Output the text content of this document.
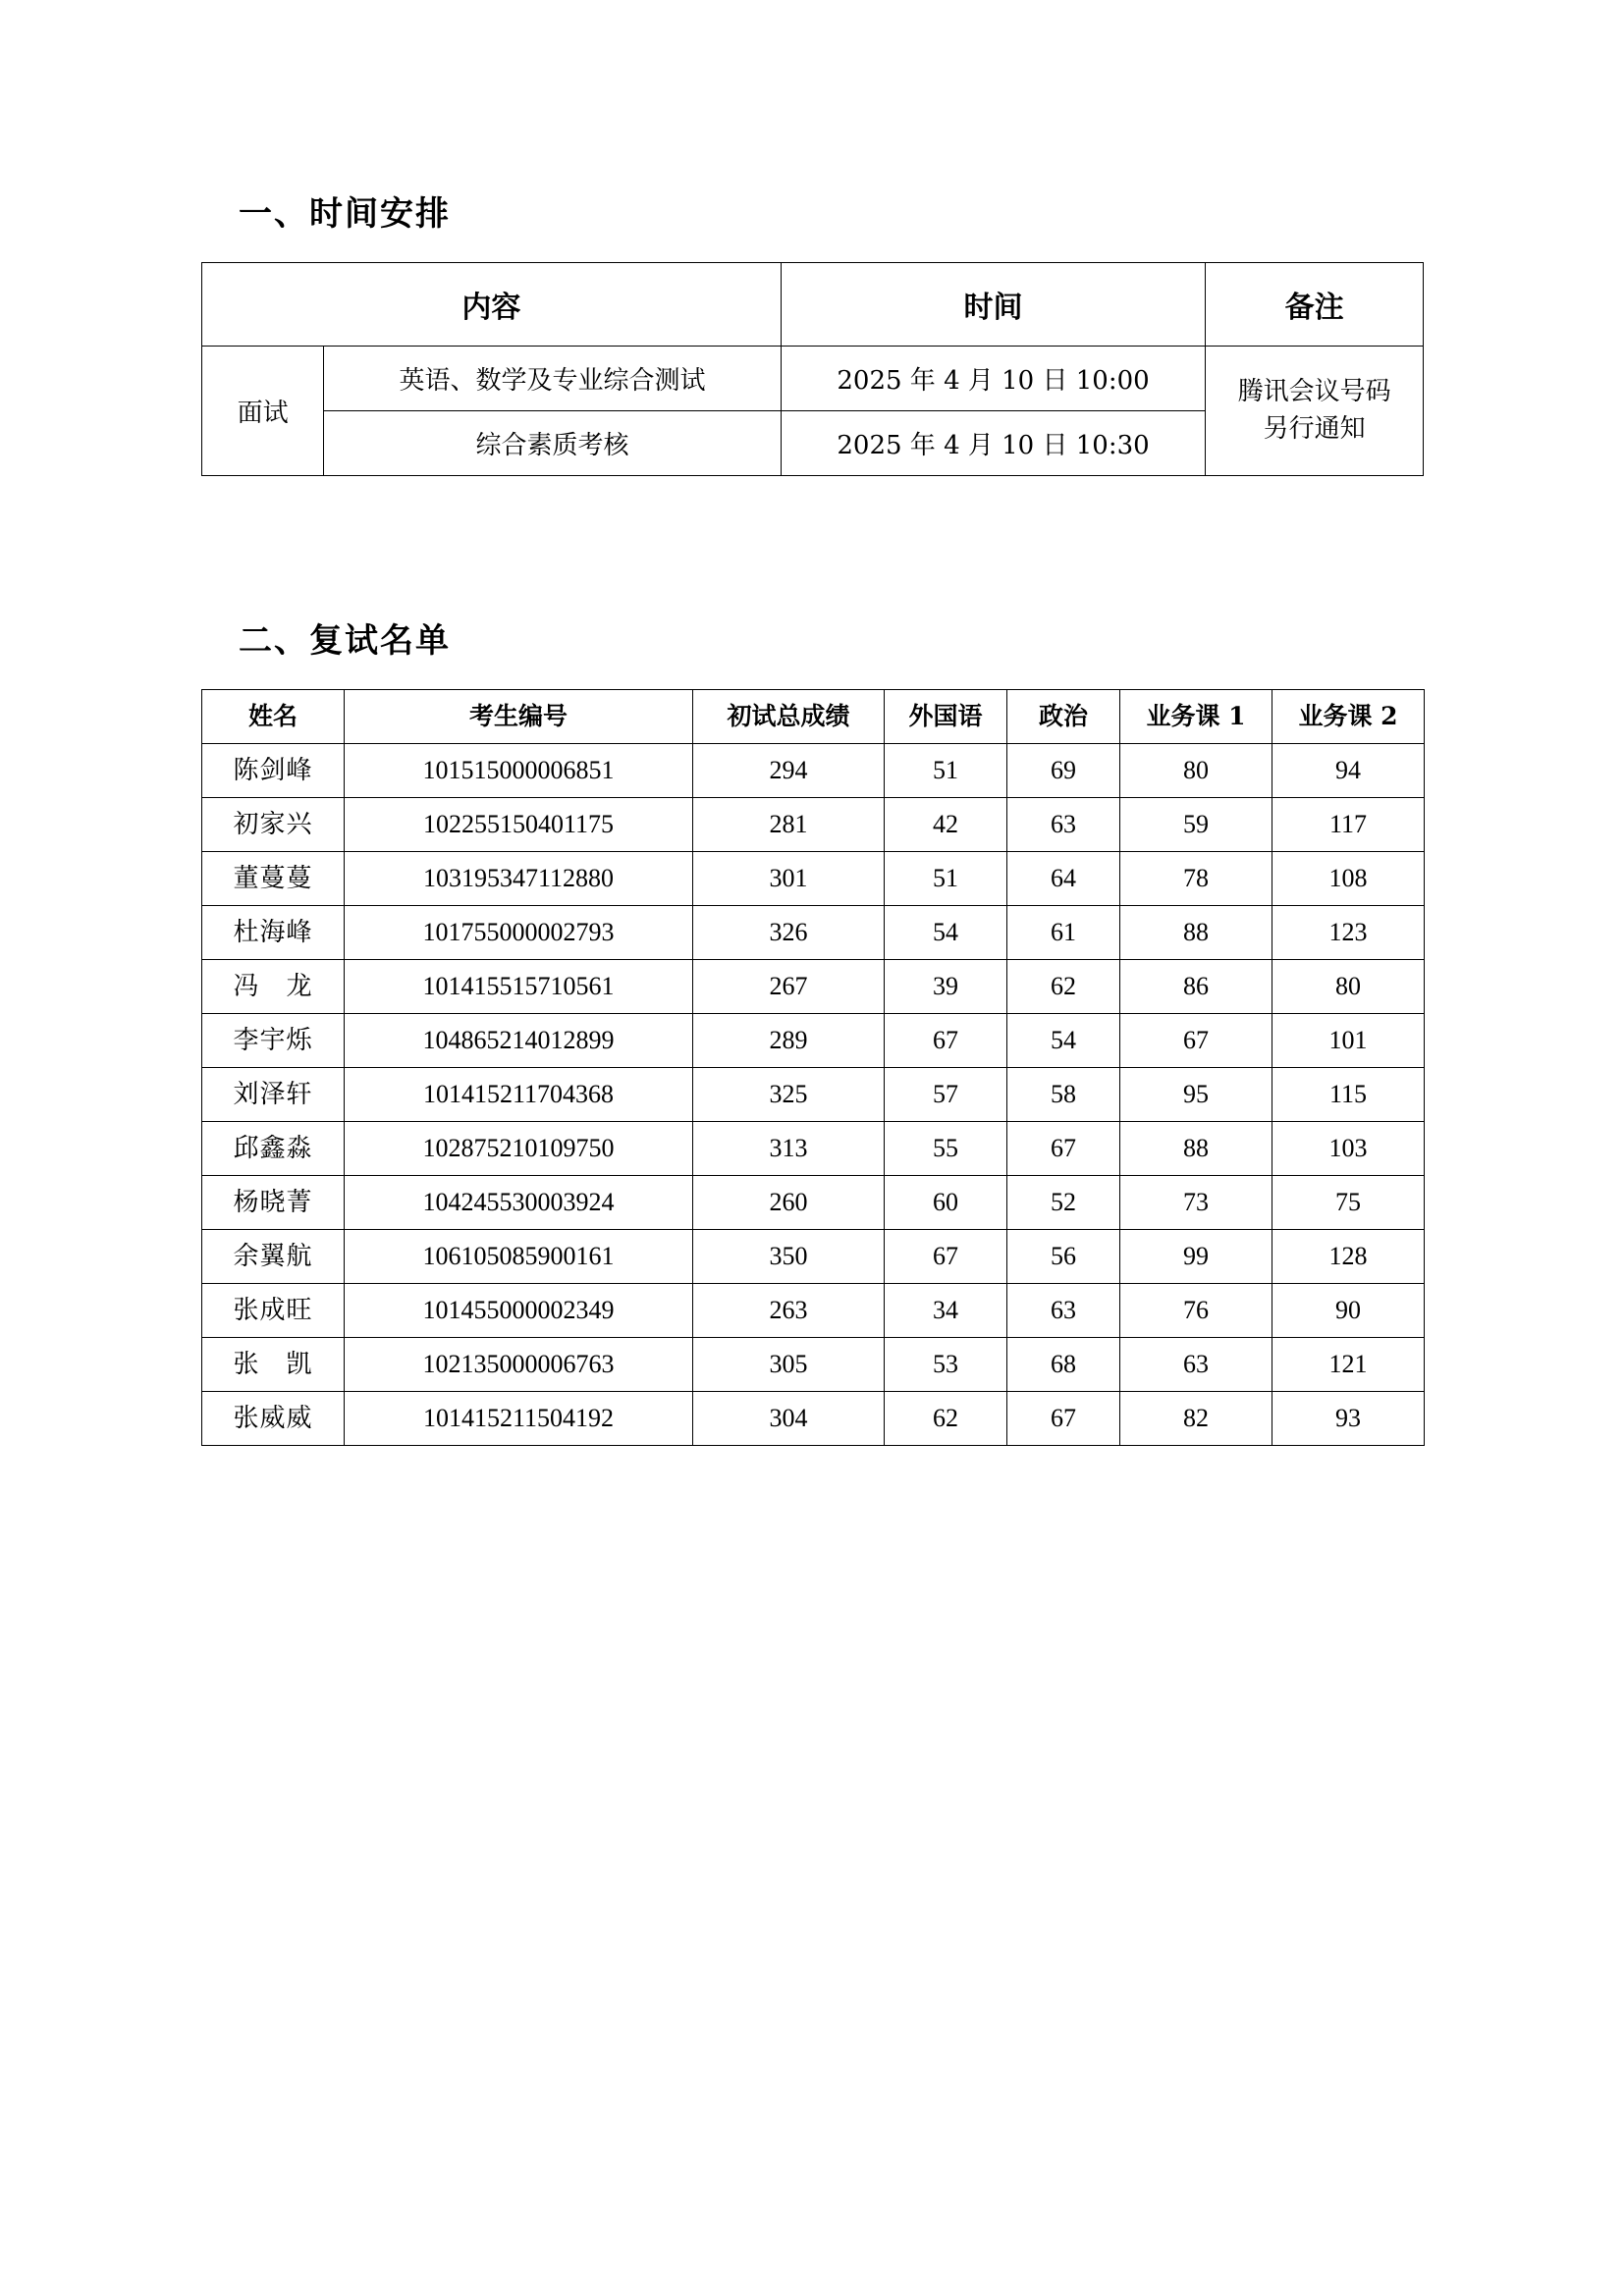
一、时间安排
内容		时间	备注
面试	英语、数学及专业综合测试	2025 年 4 月 10 日 10:00	腾讯会议号码
另行通知

	综合素质考核	2025 年 4 月 10 日 10:30	
二、复试名单
姓名	考生编号	初试总成绩	外国语	政治	业务课 1	业务课 2
陈剑峰	101515000006851	294	51	69	80	94
初家兴	102255150401175	281	42	63	59	117
董蔓蔓	103195347112880	301	51	64	78	108
杜海峰	101755000002793	326	54	61	88	123
冯　龙	101415515710561	267	39	62	86	80
李宇烁	104865214012899	289	67	54	67	101
刘泽轩	101415211704368	325	57	58	95	115
邱鑫淼	102875210109750	313	55	67	88	103
杨晓菁	104245530003924	260	60	52	73	75
余翼航	106105085900161	350	67	56	99	128
张成旺	101455000002349	263	34	63	76	90
张　凯	102135000006763	305	53	68	63	121
张威威	101415211504192	304	62	67	82	93
